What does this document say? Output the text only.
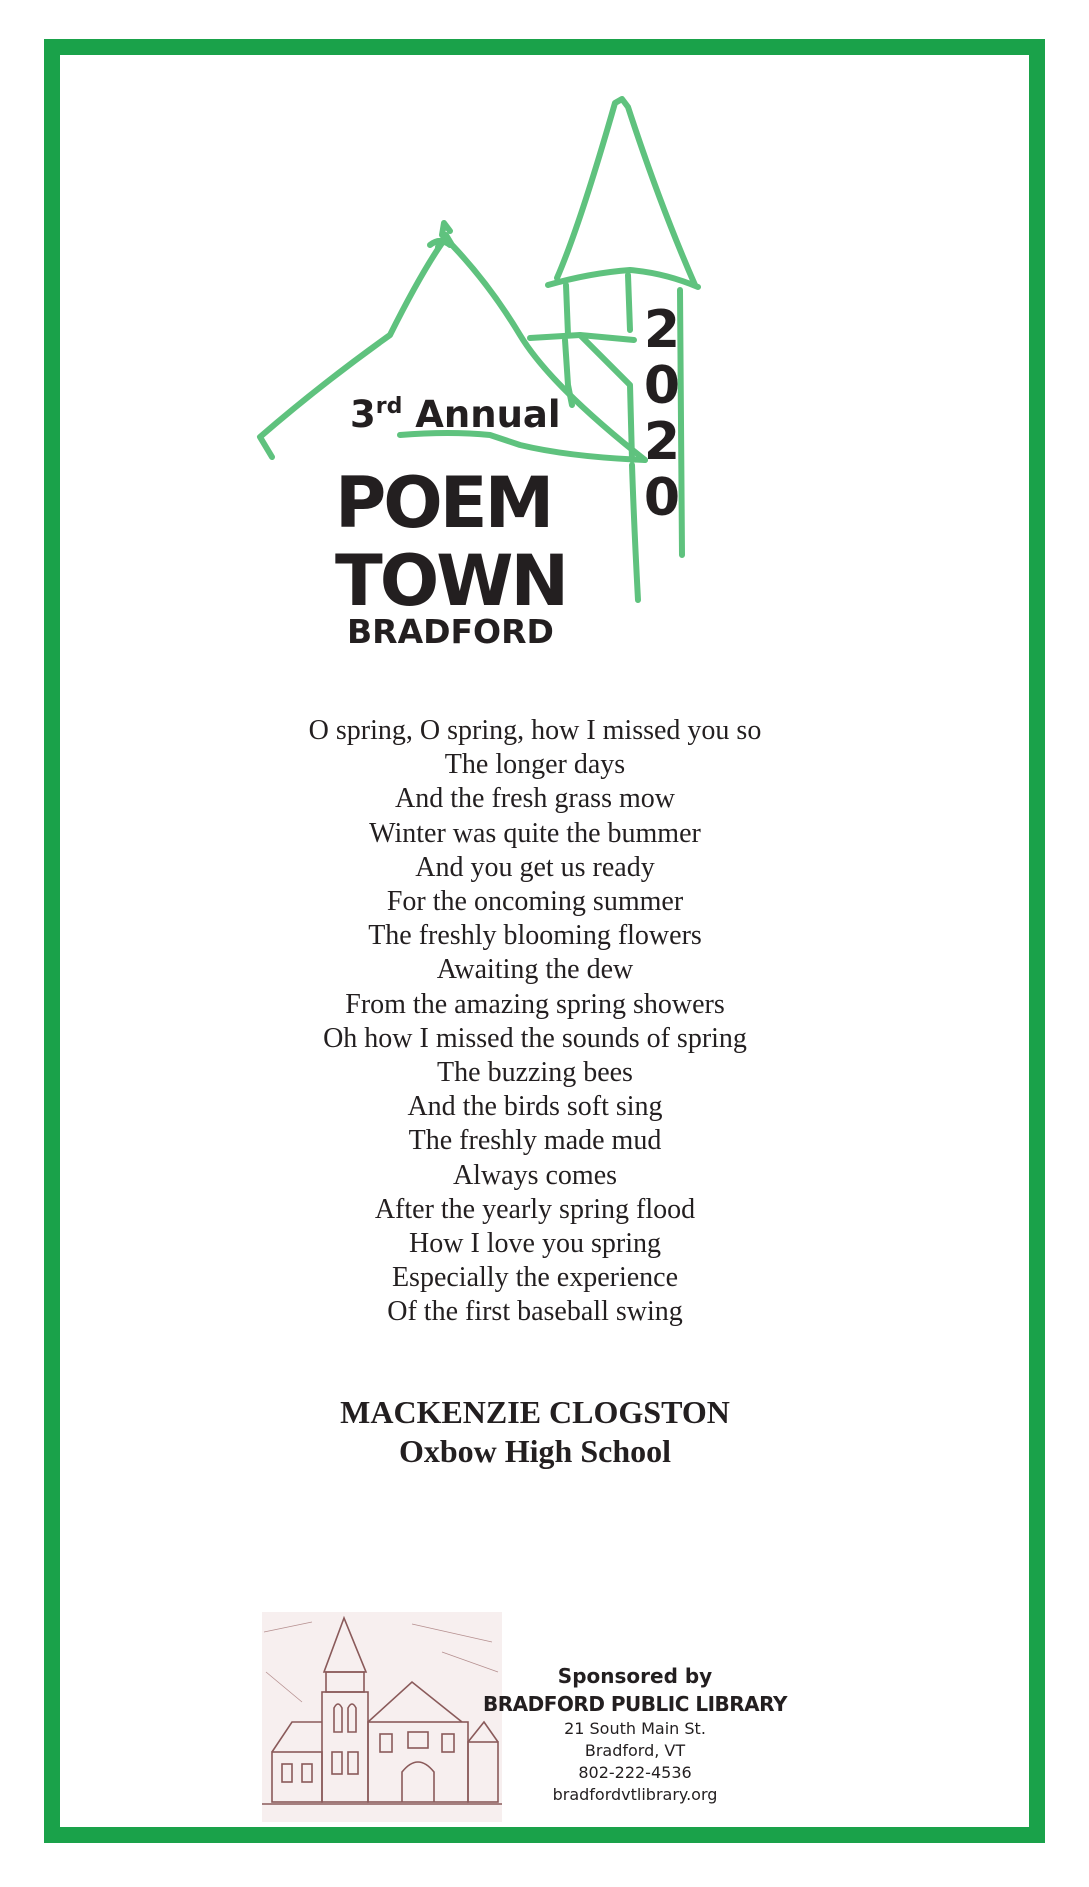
3rd Annual
POEM
TOWN
BRADFORD
2
0
2
0
O spring, O spring, how I missed you so
The longer days
And the fresh grass mow
Winter was quite the bummer
And you get us ready
For the oncoming summer
The freshly blooming flowers
Awaiting the dew
From the amazing spring showers
Oh how I missed the sounds of spring
The buzzing bees
And the birds soft sing
The freshly made mud
Always comes
After the yearly spring flood
How I love you spring
Especially the experience
Of the first baseball swing
MACKENZIE CLOGSTON
Oxbow High School
Sponsored by
BRADFORD PUBLIC LIBRARY
21 South Main St.
Bradford, VT
802-222-4536
bradfordvtlibrary.org
